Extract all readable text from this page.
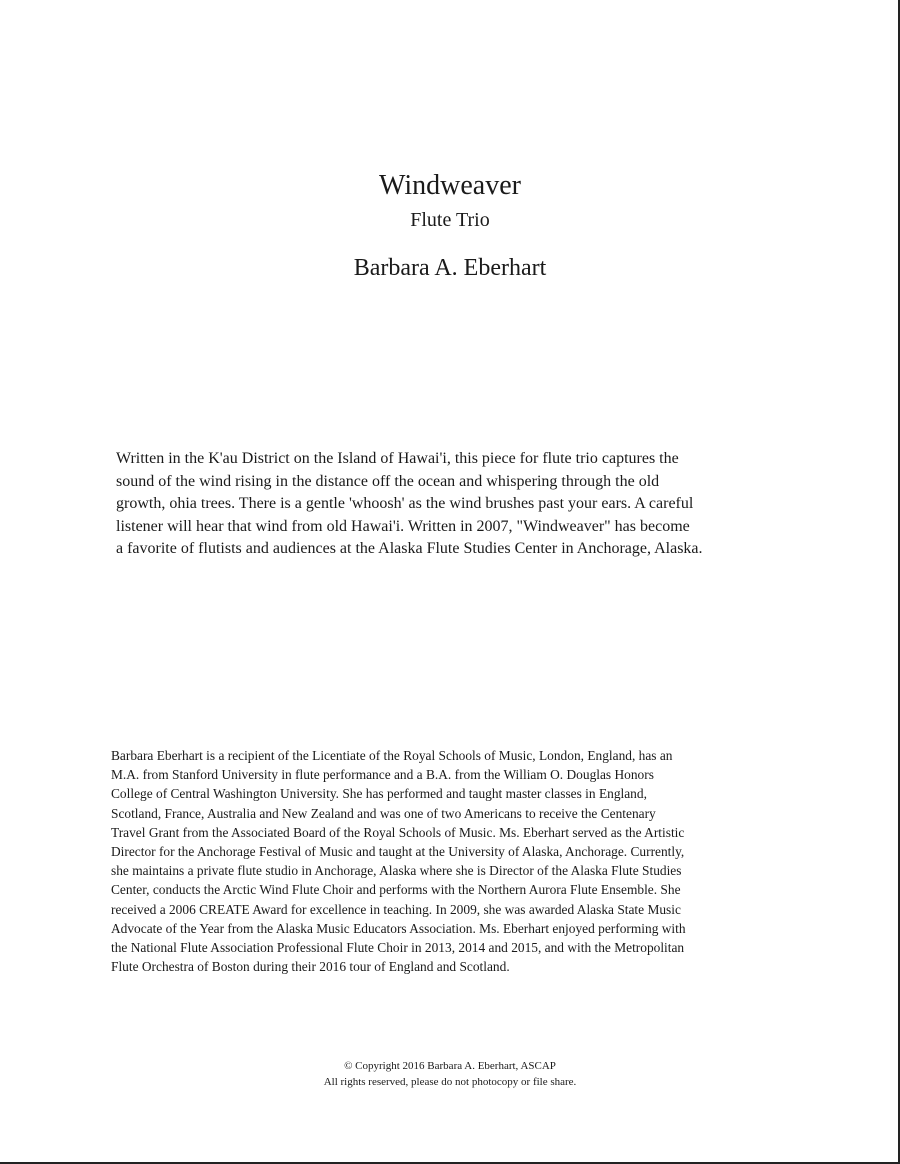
Windweaver
Flute Trio
Barbara A. Eberhart

Written in the K'au District on the Island of Hawai'i, this piece for flute trio captures the
sound of the wind rising in the distance off the ocean and whispering through the old
growth, ohia trees. There is a gentle 'whoosh' as the wind brushes past your ears. A careful
listener will hear that wind from old Hawai'i. Written in 2007, "Windweaver" has become
a favorite of flutists and audiences at the Alaska Flute Studies Center in Anchorage, Alaska.

Barbara Eberhart is a recipient of the Licentiate of the Royal Schools of Music, London, England, has an
M.A. from Stanford University in flute performance and a B.A. from the William O. Douglas Honors
College of Central Washington University. She has performed and taught master classes in England,
Scotland, France, Australia and New Zealand and was one of two Americans to receive the Centenary
Travel Grant from the Associated Board of the Royal Schools of Music. Ms. Eberhart served as the Artistic
Director for the Anchorage Festival of Music and taught at the University of Alaska, Anchorage. Currently,
she maintains a private flute studio in Anchorage, Alaska where she is Director of the Alaska Flute Studies
Center, conducts the Arctic Wind Flute Choir and performs with the Northern Aurora Flute Ensemble. She
received a 2006 CREATE Award for excellence in teaching. In 2009, she was awarded Alaska State Music
Advocate of the Year from the Alaska Music Educators Association. Ms. Eberhart enjoyed performing with
the National Flute Association Professional Flute Choir in 2013, 2014 and 2015, and with the Metropolitan
Flute Orchestra of Boston during their 2016 tour of England and Scotland.

© Copyright 2016 Barbara A. Eberhart, ASCAP
All rights reserved, please do not photocopy or file share.
